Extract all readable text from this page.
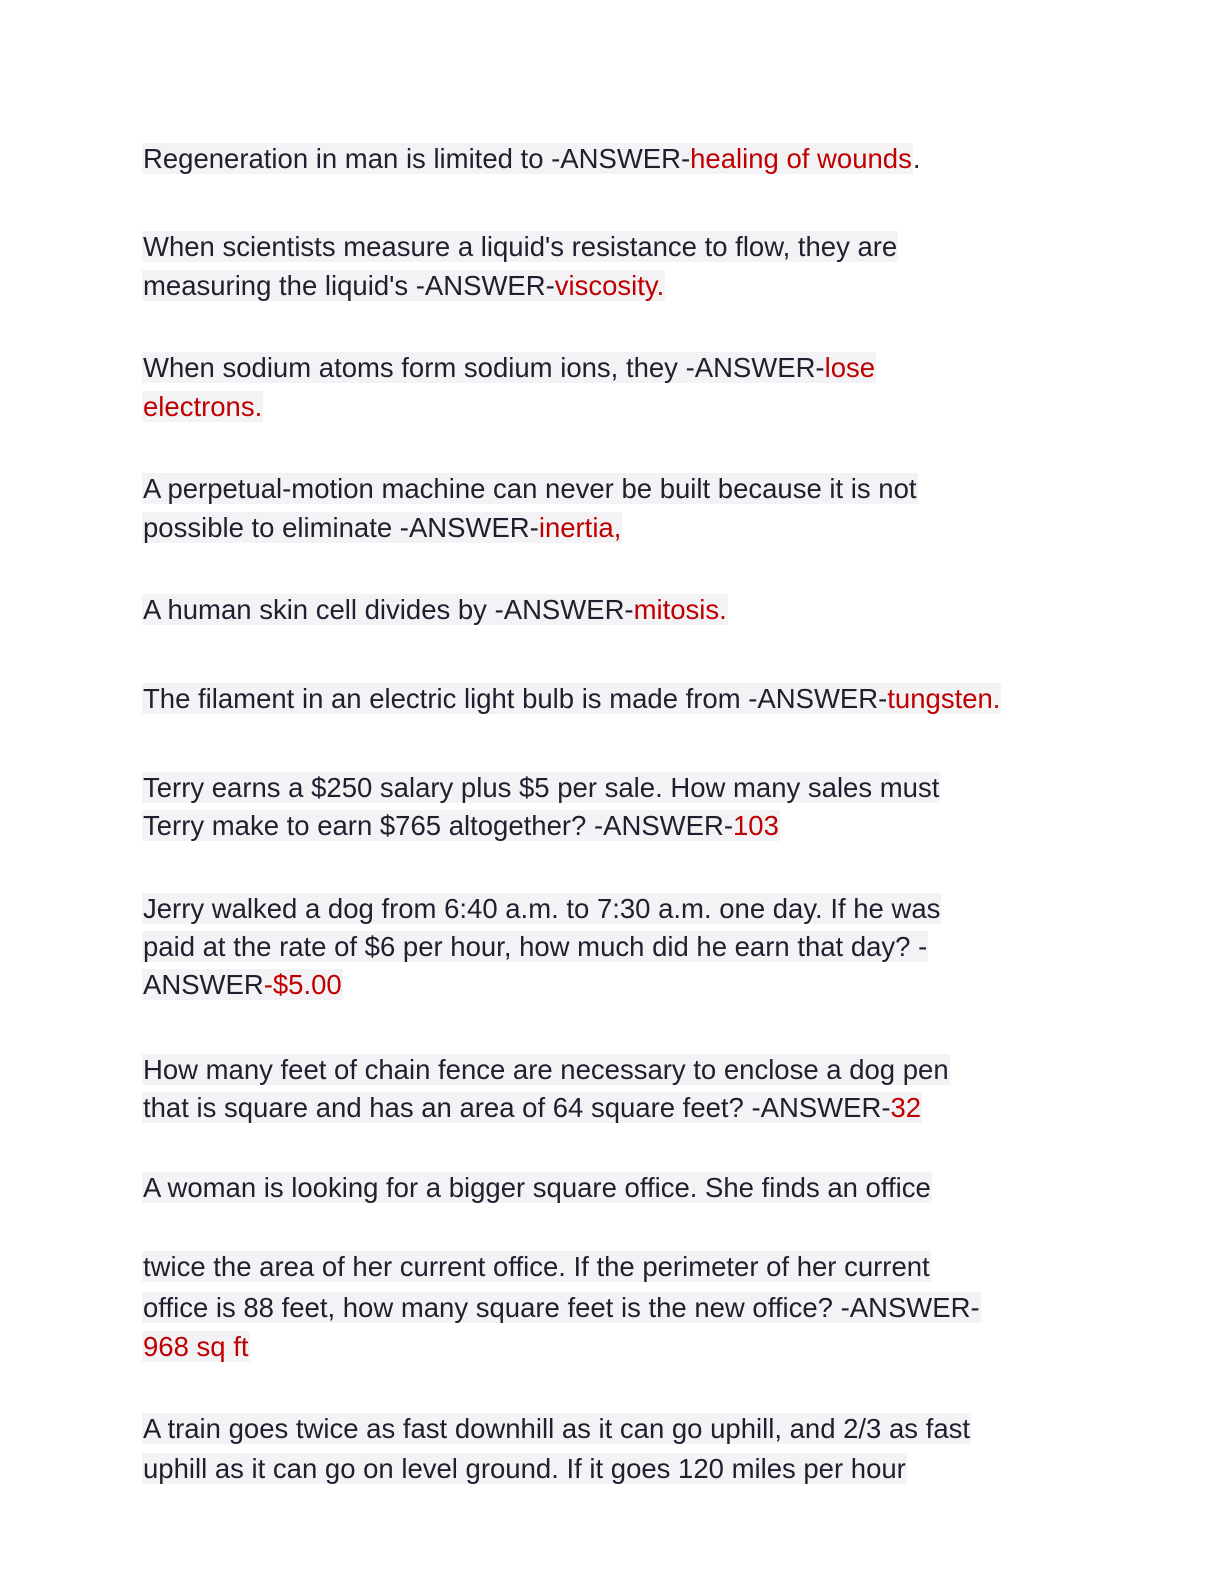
Regeneration in man is limited to -ANSWER-healing of wounds.
When scientists measure a liquid's resistance to flow, they are
measuring the liquid's -ANSWER-viscosity.
When sodium atoms form sodium ions, they -ANSWER-lose
electrons.
A perpetual-motion machine can never be built because it is not
possible to eliminate -ANSWER-inertia,
A human skin cell divides by -ANSWER-mitosis.
The filament in an electric light bulb is made from -ANSWER-tungsten.
Terry earns a $250 salary plus $5 per sale. How many sales must
Terry make to earn $765 altogether? -ANSWER-103
Jerry walked a dog from 6:40 a.m. to 7:30 a.m. one day. If he was
paid at the rate of $6 per hour, how much did he earn that day? -
ANSWER-$5.00
How many feet of chain fence are necessary to enclose a dog pen
that is square and has an area of 64 square feet? -ANSWER-32
A woman is looking for a bigger square office. She finds an office
twice the area of her current office. If the perimeter of her current
office is 88 feet, how many square feet is the new office? -ANSWER-
968 sq ft
A train goes twice as fast downhill as it can go uphill, and 2/3 as fast
uphill as it can go on level ground. If it goes 120 miles per hour
